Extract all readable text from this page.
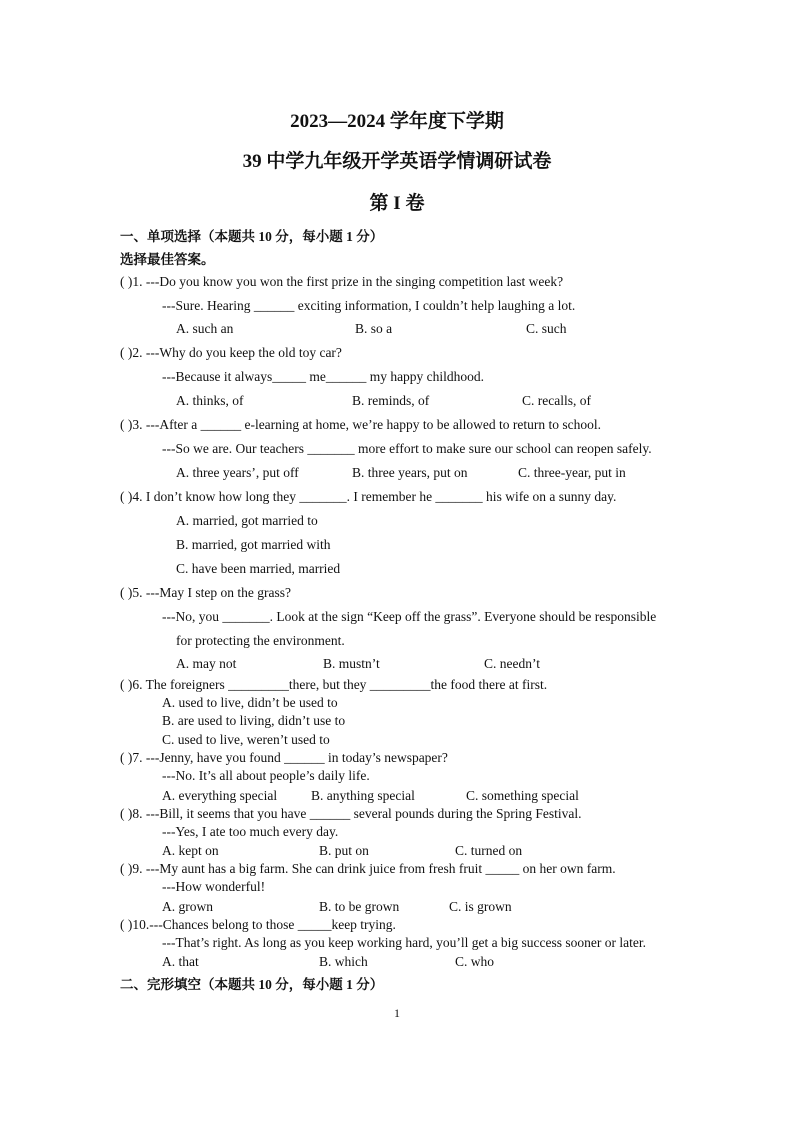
2023—2024 学年度下学期
39 中学九年级开学英语学情调研试卷
第 I 卷
一、单项选择（本题共 10 分，每小题 1 分）
选择最佳答案。
( )1. ---Do you know you won the first prize in the singing competition last week?
---Sure. Hearing ______ exciting information, I couldn’t help laughing a lot.
A. such an	B. so a	C. such
( )2. ---Why do you keep the old toy car?
---Because it always_____ me______ my happy childhood.
A. thinks, of	B. reminds, of	C. recalls, of
( )3. ---After a ______ e-learning at home, we’re happy to be allowed to return to school.
---So we are. Our teachers _______ more effort to make sure our school can reopen safely.
A. three years’, put off	B. three years, put on	C. three-year, put in
( )4. I don’t know how long they _______. I remember he _______ his wife on a sunny day.
A. married, got married to
B. married, got married with
C. have been married, married
( )5. ---May I step on the grass?
---No, you _______. Look at the sign “Keep off the grass”. Everyone should be responsible
for protecting the environment.
A. may not	B. mustn’t	C. needn’t
( )6. The foreigners _________there, but they _________the food there at first.
A. used to live, didn’t be used to
B. are used to living, didn’t use to
C. used to live, weren’t used to
( )7. ---Jenny, have you found ______ in today’s newspaper?
---No. It’s all about people’s daily life.
A. everything special	B. anything special	C. something special
( )8. ---Bill, it seems that you have ______ several pounds during the Spring Festival.
---Yes, I ate too much every day.
A. kept on	B. put on	C. turned on
( )9. ---My aunt has a big farm. She can drink juice from fresh fruit _____ on her own farm.
---How wonderful!
A. grown	B. to be grown	C. is grown
( )10.---Chances belong to those _____keep trying.
---That’s right. As long as you keep working hard, you’ll get a big success sooner or later.
A. that	B. which	C. who
二、完形填空（本题共 10 分，每小题 1 分）
1
